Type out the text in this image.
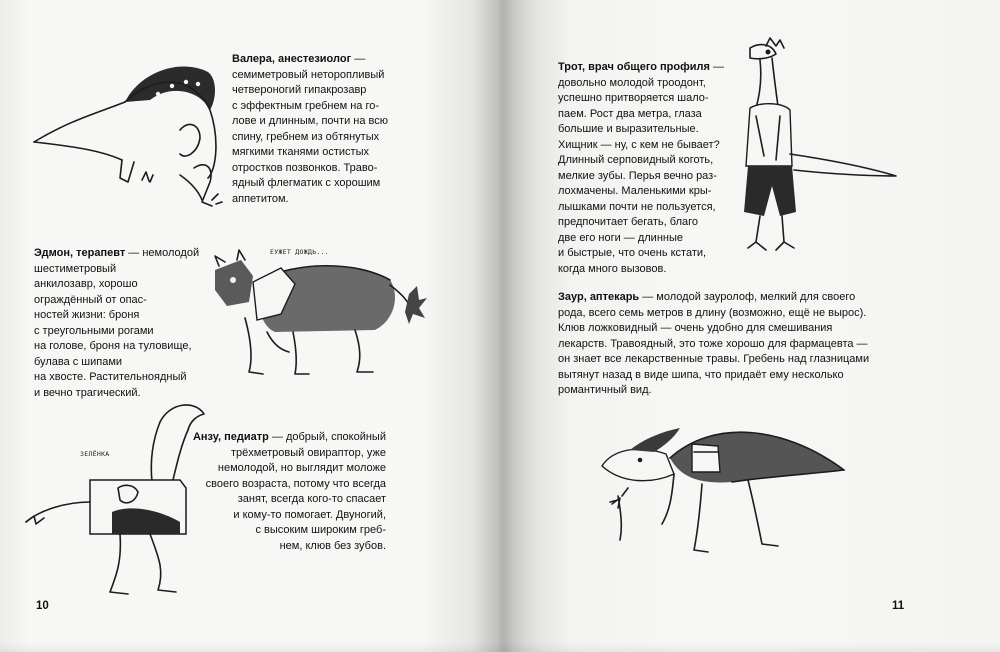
Валера, анестезиолог —
семиметровый неторопливый
четвероногий гипакрозавр
с эффектным гребнем на го-
лове и длинным, почти на всю
спину, гребнем из обтянутых
мягкими тканями остистых
отростков позвонков. Траво-
ядный флегматик с хорошим
аппетитом.

Эдмон, терапевт — немолодой
шестиметровый
анкилозавр, хорошо
ограждённый от опас-
ностей жизни: броня
с треугольными рогами
на голове, броня на туловище,
булава с шипами
на хвосте. Растительноядный
и вечно трагический.

ЕУЖЕТ ДОЖДЬ...
ЗЕЛЁНКА

Анзу, педиатр — добрый, спокойный
трёхметровый овираптор, уже
немолодой, но выглядит моложе
своего возраста, потому что всегда
занят, всегда кого-то спасает
и кому-то помогает. Двуногий,
с высоким широким греб-
нем, клюв без зубов.

10

Трот, врач общего профиля —
довольно молодой троодонт,
успешно притворяется шало-
паем. Рост два метра, глаза
большие и выразительные.
Хищник — ну, с кем не бывает?
Длинный серповидный коготь,
мелкие зубы. Перья вечно раз-
лохмачены. Маленькими кры-
лышками почти не пользуется,
предпочитает бегать, благо
две его ноги — длинные
и быстрые, что очень кстати,
когда много вызовов.

Заур, аптекарь — молодой зауролоф, мелкий для своего
рода, всего семь метров в длину (возможно, ещё не вырос).
Клюв ложковидный — очень удобно для смешивания
лекарств. Травоядный, это тоже хорошо для фармацевта —
он знает все лекарственные травы. Гребень над глазницами
вытянут назад в виде шипа, что придаёт ему несколько
романтичный вид.

11
